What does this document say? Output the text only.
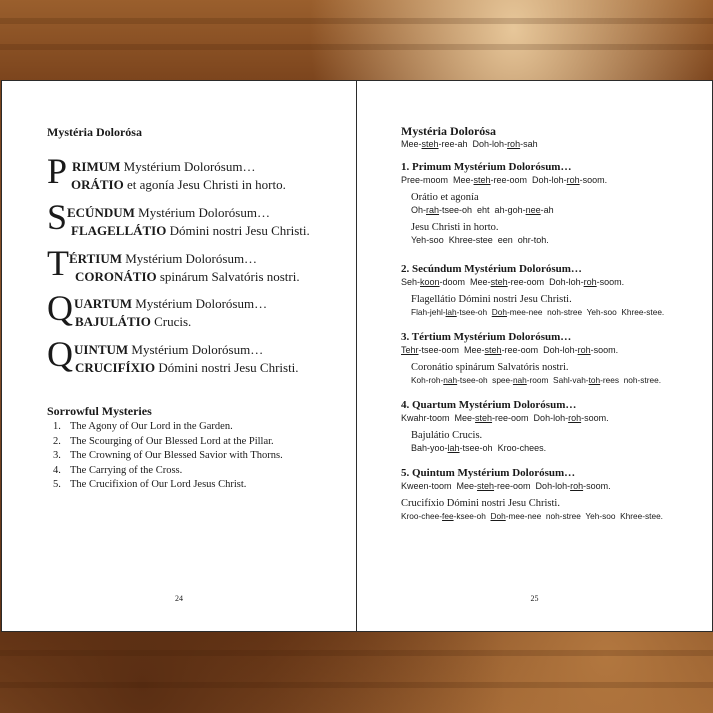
Mystéria Dolorósa
P RIMUM Mystérium Dolorósum…
ORÁTIO et agonía Jesu Christi in horto.
S ECÚNDUM Mystérium Dolorósum…
FLAGELLÁTIO Dómini nostri Jesu Christi.
T ÉRTIUM Mystérium Dolorósum…
CORONÁTIO spinárum Salvatóris nostri.
Q UARTUM Mystérium Dolorósum…
BAJULÁTIO Crucis.
Q UINTUM Mystérium Dolorósum…
CRUCIFÍXIO Dómini nostri Jesu Christi.
Sorrowful Mysteries
1. The Agony of Our Lord in the Garden.
2. The Scourging of Our Blessed Lord at the Pillar.
3. The Crowning of Our Blessed Savior with Thorns.
4. The Carrying of the Cross.
5. The Crucifixion of Our Lord Jesus Christ.
24
Mystéria Dolorósa
Mee-steh-ree-ah  Doh-loh-roh-sah
1. Primum Mystérium Dolorósum…
Pree-moom  Mee-steh-ree-oom  Doh-loh-roh-soom.
Orátio et agonía
Oh-rah-tsee-oh  eht  ah-goh-nee-ah
Jesu Christi in horto.
Yeh-soo  Khree-stee  een  ohr-toh.
2. Secúndum Mystérium Dolorósum…
Seh-koon-doom  Mee-steh-ree-oom  Doh-loh-roh-soom.
Flagellátio Dómini nostri Jesu Christi.
Flah-jehl-lah-tsee-oh  Doh-mee-nee  noh-stree  Yeh-soo  Khree-stee.
3. Tértium Mystérium Dolorósum…
Tehr-tsee-oom  Mee-steh-ree-oom  Doh-loh-roh-soom.
Coronátio spinárum Salvatóris nostri.
Koh-roh-nah-tsee-oh  spee-nah-room  Sahl-vah-toh-rees  noh-stree.
4. Quartum Mystérium Dolorósum…
Kwahr-toom  Mee-steh-ree-oom  Doh-loh-roh-soom.
Bajulátio Crucis.
Bah-yoo-lah-tsee-oh  Kroo-chees.
5. Quintum Mystérium Dolorósum…
Kween-toom  Mee-steh-ree-oom  Doh-loh-roh-soom.
Crucifíxio Dómini nostri Jesu Christi.
Kroo-chee-fee-ksee-oh  Doh-mee-nee  noh-stree  Yeh-soo  Khree-stee.
25
